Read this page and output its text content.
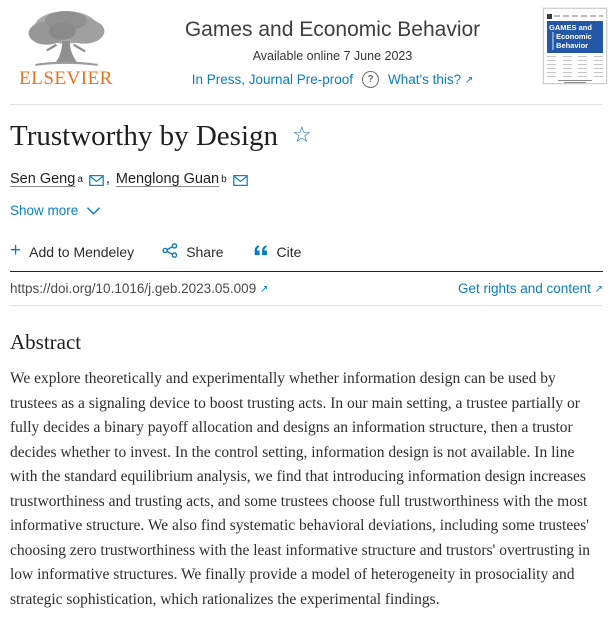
ELSEVIER
Games and Economic Behavior
Available online 7 June 2023
In Press, Journal Pre-proof	?	What's this? ↗
GAMES and
Economic
Behavior
Trustworthy by Design ☆
Sen Geng a , Menglong Guan b
Show more
+ Add to Mendeley	Share	Cite
https://doi.org/10.1016/j.geb.2023.05.009 ↗	Get rights and content ↗
Abstract

We explore theoretically and experimentally whether information design can be used by trustees as a signaling device to boost trusting acts. In our main setting, a trustee partially or fully decides a binary payoff allocation and designs an information structure, then a trustor decides whether to invest. In the control setting, information design is not available. In line with the standard equilibrium analysis, we find that introducing information design increases trustworthiness and trusting acts, and some trustees choose full trustworthiness with the most informative structure. We also find systematic behavioral deviations, including some trustees' choosing zero trustworthiness with the least informative structure and trustors' overtrusting in low informative structures. We finally provide a model of heterogeneity in prosociality and strategic sophistication, which rationalizes the experimental findings.
